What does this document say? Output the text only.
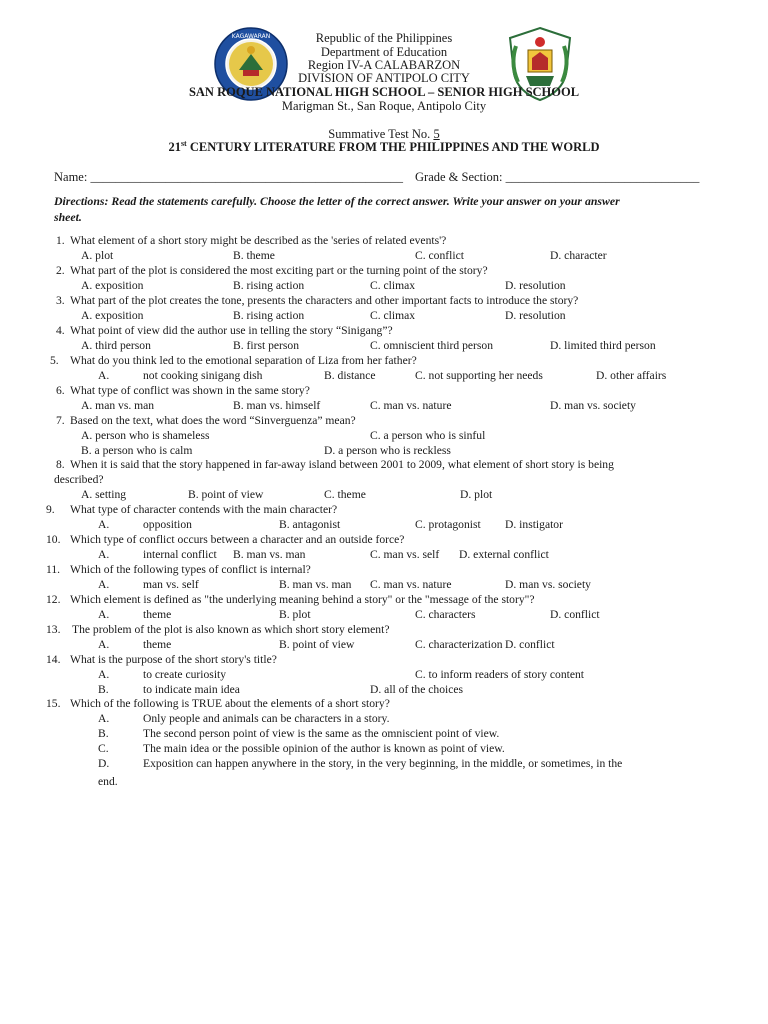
KAGAWARAN	Republic of the Philippines
Department of Education
Region IV-A CALABARZON
DIVISION OF ANTIPOLO CITY
SAN ROQUE NATIONAL HIGH SCHOOL – SENIOR HIGH SCHOOL
Marigman St., San Roque, Antipolo City
Summative Test No. 5
21st CENTURY LITERATURE FROM THE PHILIPPINES AND THE WORLD
Name: __________________________________________________ Grade & Section: _______________________________
Directions: Read the statements carefully. Choose the letter of the correct answer. Write your answer on your answer
sheet.
1. What element of a short story might be described as the 'series of related events'?
A. plot	B. theme	C. conflict	D. character
2. What part of the plot is considered the most exciting part or the turning point of the story?
A. exposition	B. rising action	C. climax	D. resolution
3. What part of the plot creates the tone, presents the characters and other important facts to introduce the story?
A. exposition	B. rising action	C. climax	D. resolution
4. What point of view did the author use in telling the story “Sinigang”?
A. third person	B. first person	C. omniscient third person	D. limited third person
5. What do you think led to the emotional separation of Liza from her father?
A.	not cooking sinigang dish	B. distance	C. not supporting her needs	D. other affairs
6. What type of conflict was shown in the same story?
A. man vs. man	B. man vs. himself	C. man vs. nature	D. man vs. society
7. Based on the text, what does the word “Sinverguenza” mean?
A. person who is shameless	C. a person who is sinful
B. a person who is calm	D. a person who is reckless
8. When it is said that the story happened in far-away island between 2001 to 2009, what element of short story is being
described?
A. setting	B. point of view	C. theme	D. plot
9. What type of character contends with the main character?
A.	opposition	B. antagonist	C. protagonist D. instigator
10. Which type of conflict occurs between a character and an outside force?
A.	internal conflict B. man vs. man	C. man vs. self D. external conflict
11. Which of the following types of conflict is internal?
A.	man vs. self	B. man vs. man C. man vs. nature	D. man vs. society
12. Which element is defined as "the underlying meaning behind a story" or the "message of the story"?
A.	theme	B. plot	C. characters	D. conflict
13. The problem of the plot is also known as which short story element?
A.	theme	B. point of view	C. characterization D. conflict
14. What is the purpose of the short story's title?
A.	to create curiosity	C. to inform readers of story content
B.	to indicate main idea	D. all of the choices
15. Which of the following is TRUE about the elements of a short story?
A.	Only people and animals can be characters in a story.
B.	The second person point of view is the same as the omniscient point of view.
C.	The main idea or the possible opinion of the author is known as point of view.
D.	Exposition can happen anywhere in the story, in the very beginning, in the middle, or sometimes, in the
end.
